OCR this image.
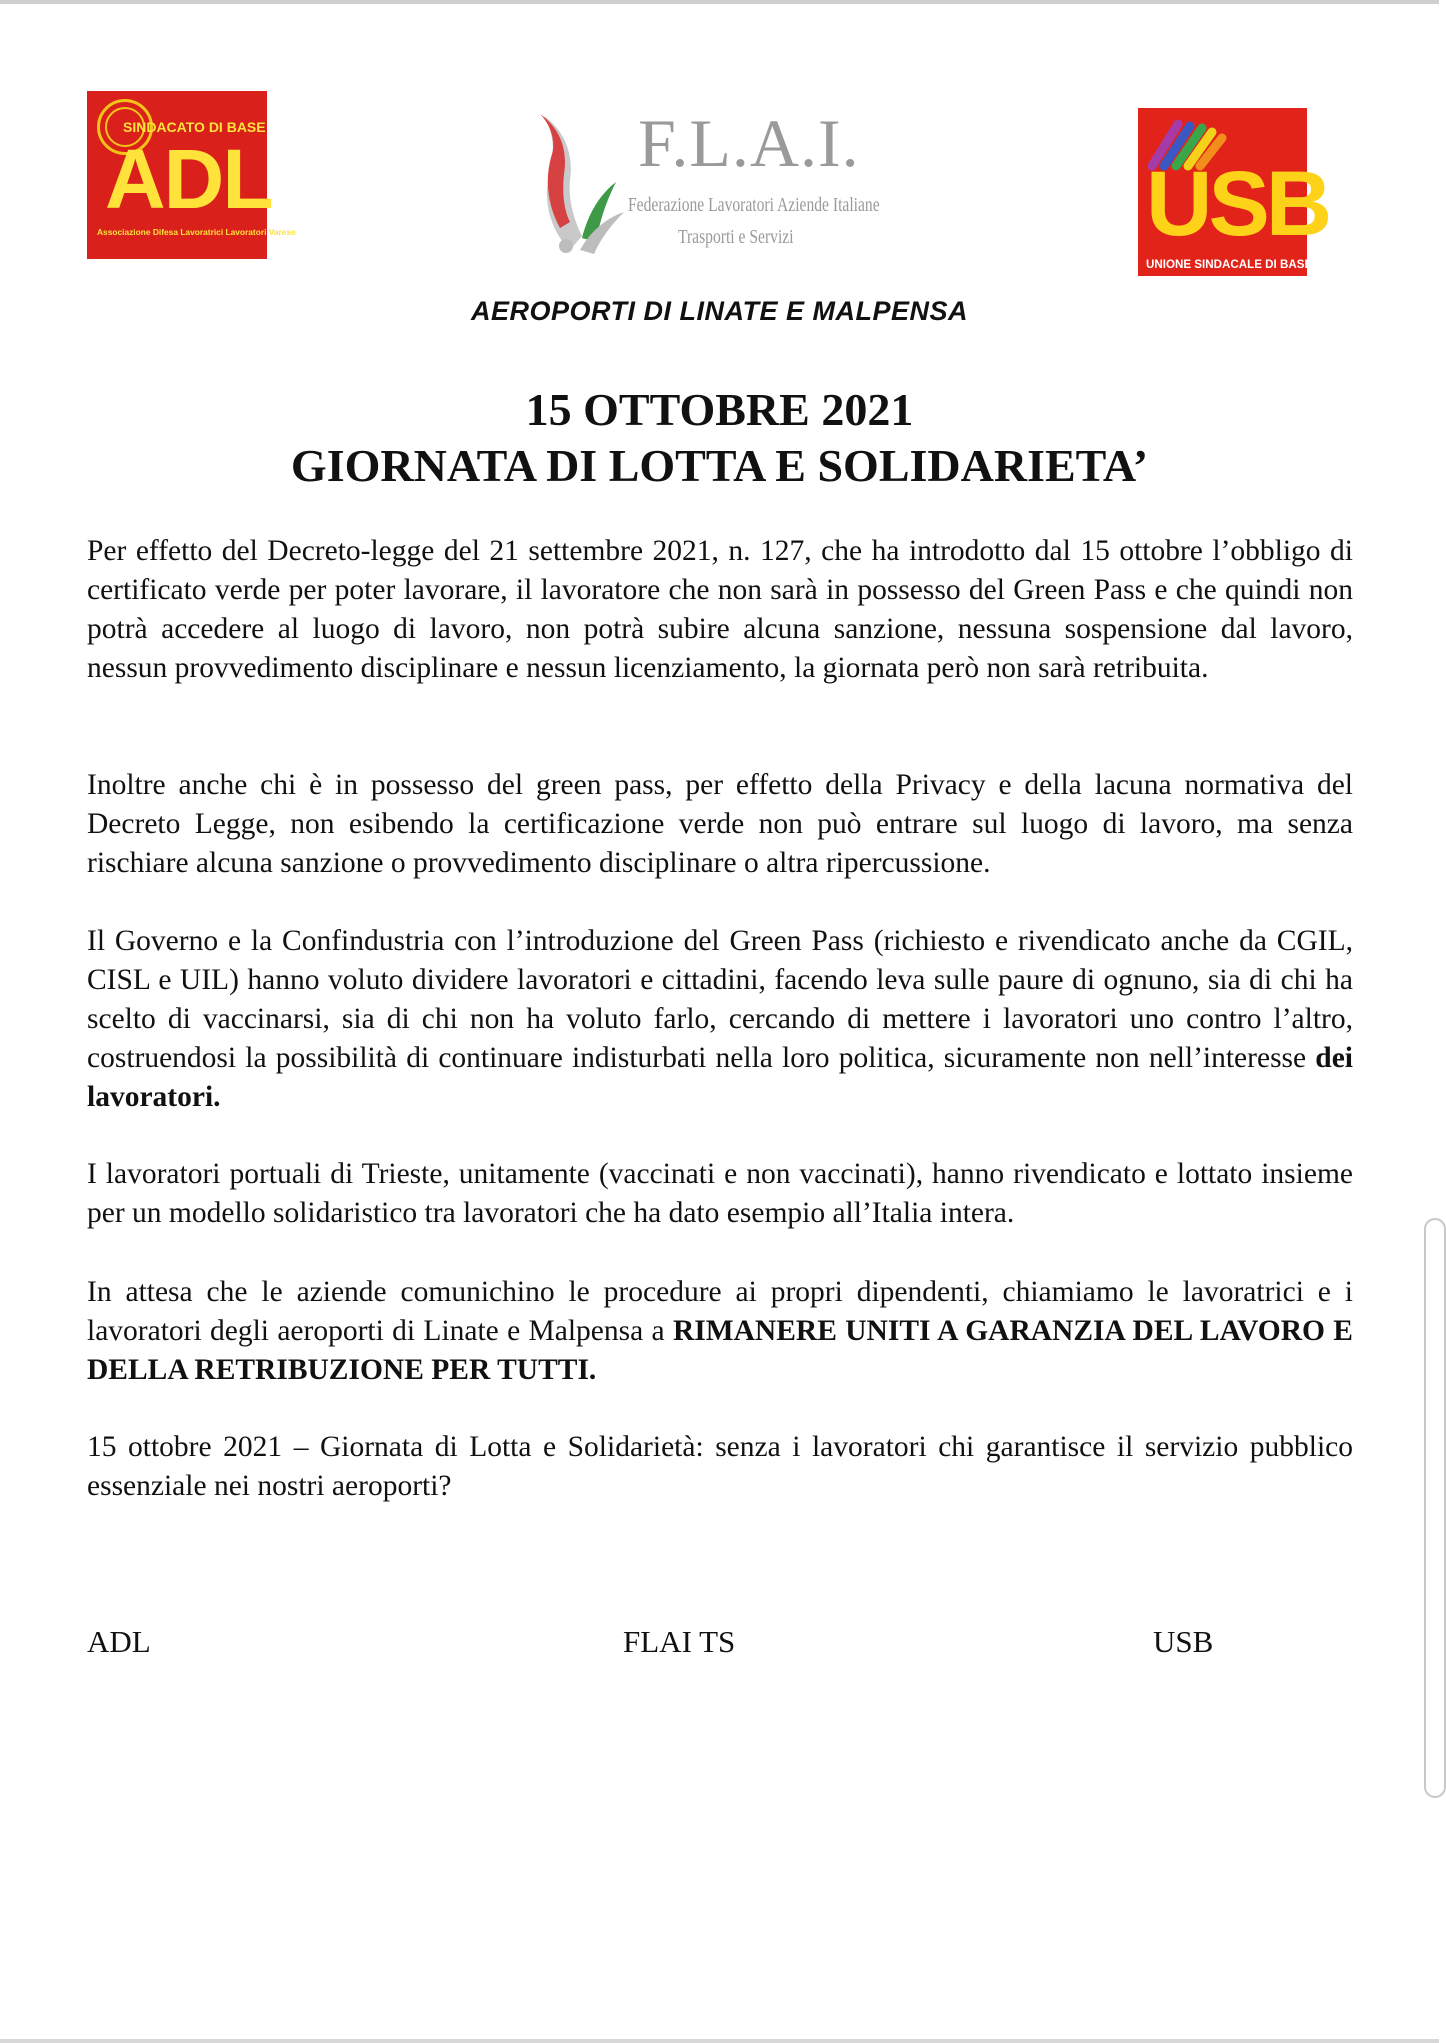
SINDACATO DI BASE
ADL
Associazione Difesa Lavoratrici Lavoratori Varese
F.L.A.I.
Federazione Lavoratori Aziende Italiane
Trasporti e Servizi	USB
UNIONE SINDACALE DI BASE
AEROPORTI DI LINATE E MALPENSA
15 OTTOBRE 2021
GIORNATA DI LOTTA E SOLIDARIETA’
Per effetto del Decreto-legge del 21 settembre 2021, n. 127, che ha introdotto dal 15 ottobre l’obbligo di certificato verde per poter lavorare, il lavoratore che non sarà in possesso del Green Pass e che quindi non potrà accedere al luogo di lavoro, non potrà subire alcuna sanzione, nessuna sospensione dal lavoro, nessun provvedimento disciplinare e nessun licenziamento, la giornata però non sarà retribuita.
Inoltre anche chi è in possesso del green pass, per effetto della Privacy e della lacuna normativa del Decreto Legge, non esibendo la certificazione verde non può entrare sul luogo di lavoro, ma senza rischiare alcuna sanzione o provvedimento disciplinare o altra ripercussione.
Il Governo e la Confindustria con l’introduzione del Green Pass (richiesto e rivendicato anche da CGIL, CISL e UIL) hanno voluto dividere lavoratori e cittadini, facendo leva sulle paure di ognuno, sia di chi ha scelto di vaccinarsi, sia di chi non ha voluto farlo, cercando di mettere i lavoratori uno contro l’altro, costruendosi la possibilità di continuare indisturbati nella loro politica, sicuramente non nell’interesse dei lavoratori.
I lavoratori portuali di Trieste, unitamente (vaccinati e non vaccinati), hanno rivendicato e lottato insieme per un modello solidaristico tra lavoratori che ha dato esempio all’Italia intera.
In attesa che le aziende comunichino le procedure ai propri dipendenti, chiamiamo le lavoratrici e i lavoratori degli aeroporti di Linate e Malpensa a RIMANERE UNITI A GARANZIA DEL LAVORO E DELLA RETRIBUZIONE PER TUTTI.
15 ottobre 2021 – Giornata di Lotta e Solidarietà: senza i lavoratori chi garantisce il servizio pubblico essenziale nei nostri aeroporti?
ADL	FLAI TS	USB
